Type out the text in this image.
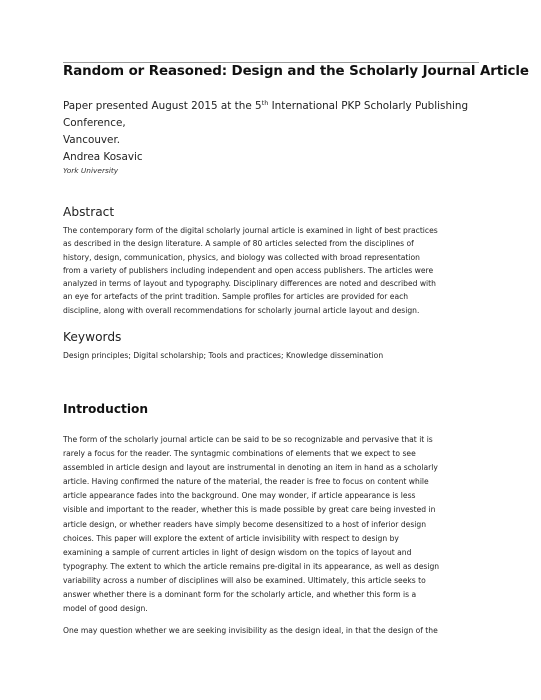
Random or Reasoned: Design and the Scholarly Journal Article
Paper presented August 2015 at the 5th International PKP Scholarly Publishing Conference,
Vancouver.
Andrea Kosavic
York University
Abstract
The contemporary form of the digital scholarly journal article is examined in light of best practices
as described in the design literature. A sample of 80 articles selected from the disciplines of
history, design, communication, physics, and biology was collected with broad representation
from a variety of publishers including independent and open access publishers. The articles were
analyzed in terms of layout and typography. Disciplinary differences are noted and described with
an eye for artefacts of the print tradition. Sample profiles for articles are provided for each
discipline, along with overall recommendations for scholarly journal article layout and design.
Keywords
Design principles; Digital scholarship; Tools and practices; Knowledge dissemination
Introduction
The form of the scholarly journal article can be said to be so recognizable and pervasive that it is
rarely a focus for the reader. The syntagmic combinations of elements that we expect to see
assembled in article design and layout are instrumental in denoting an item in hand as a scholarly
article. Having confirmed the nature of the material, the reader is free to focus on content while
article appearance fades into the background. One may wonder, if article appearance is less
visible and important to the reader, whether this is made possible by great care being invested in
article design, or whether readers have simply become desensitized to a host of inferior design
choices. This paper will explore the extent of article invisibility with respect to design by
examining a sample of current articles in light of design wisdom on the topics of layout and
typography. The extent to which the article remains pre-digital in its appearance, as well as design
variability across a number of disciplines will also be examined. Ultimately, this article seeks to
answer whether there is a dominant form for the scholarly article, and whether this form is a
model of good design.
One may question whether we are seeking invisibility as the design ideal, in that the design of the
